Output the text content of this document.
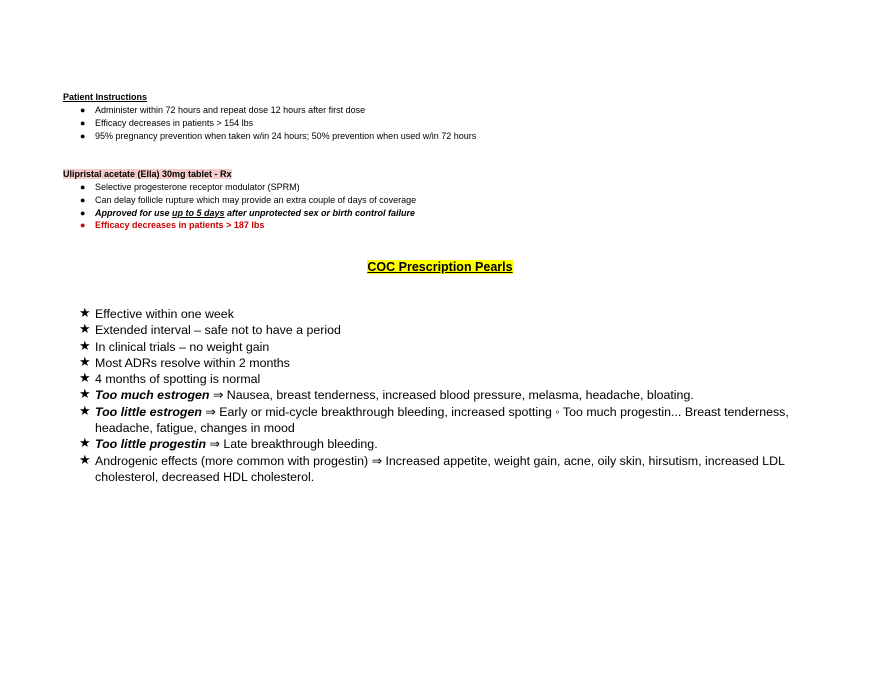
Patient Instructions
● Administer within 72 hours and repeat dose 12 hours after first dose
● Efficacy decreases in patients > 154 lbs
● 95% pregnancy prevention when taken w/in 24 hours; 50% prevention when used w/in 72 hours
Ulipristal acetate (Ella) 30mg tablet - Rx
● Selective progesterone receptor modulator (SPRM)
● Can delay follicle rupture which may provide an extra couple of days of coverage
● Approved for use up to 5 days after unprotected sex or birth control failure
● Efficacy decreases in patients > 187 lbs
COC Prescription Pearls
★ Effective within one week
★ Extended interval – safe not to have a period
★ In clinical trials – no weight gain
★ Most ADRs resolve within 2 months
★ 4 months of spotting is normal
★ Too much estrogen ⇒ Nausea, breast tenderness, increased blood pressure, melasma, headache, bloating.
★ Too little estrogen ⇒ Early or mid-cycle breakthrough bleeding, increased spotting ◦ Too much progestin... Breast tenderness, headache, fatigue, changes in mood
★ Too little progestin ⇒ Late breakthrough bleeding.
★ Androgenic effects (more common with progestin) ⇒ Increased appetite, weight gain, acne, oily skin, hirsutism, increased LDL cholesterol, decreased HDL cholesterol.
